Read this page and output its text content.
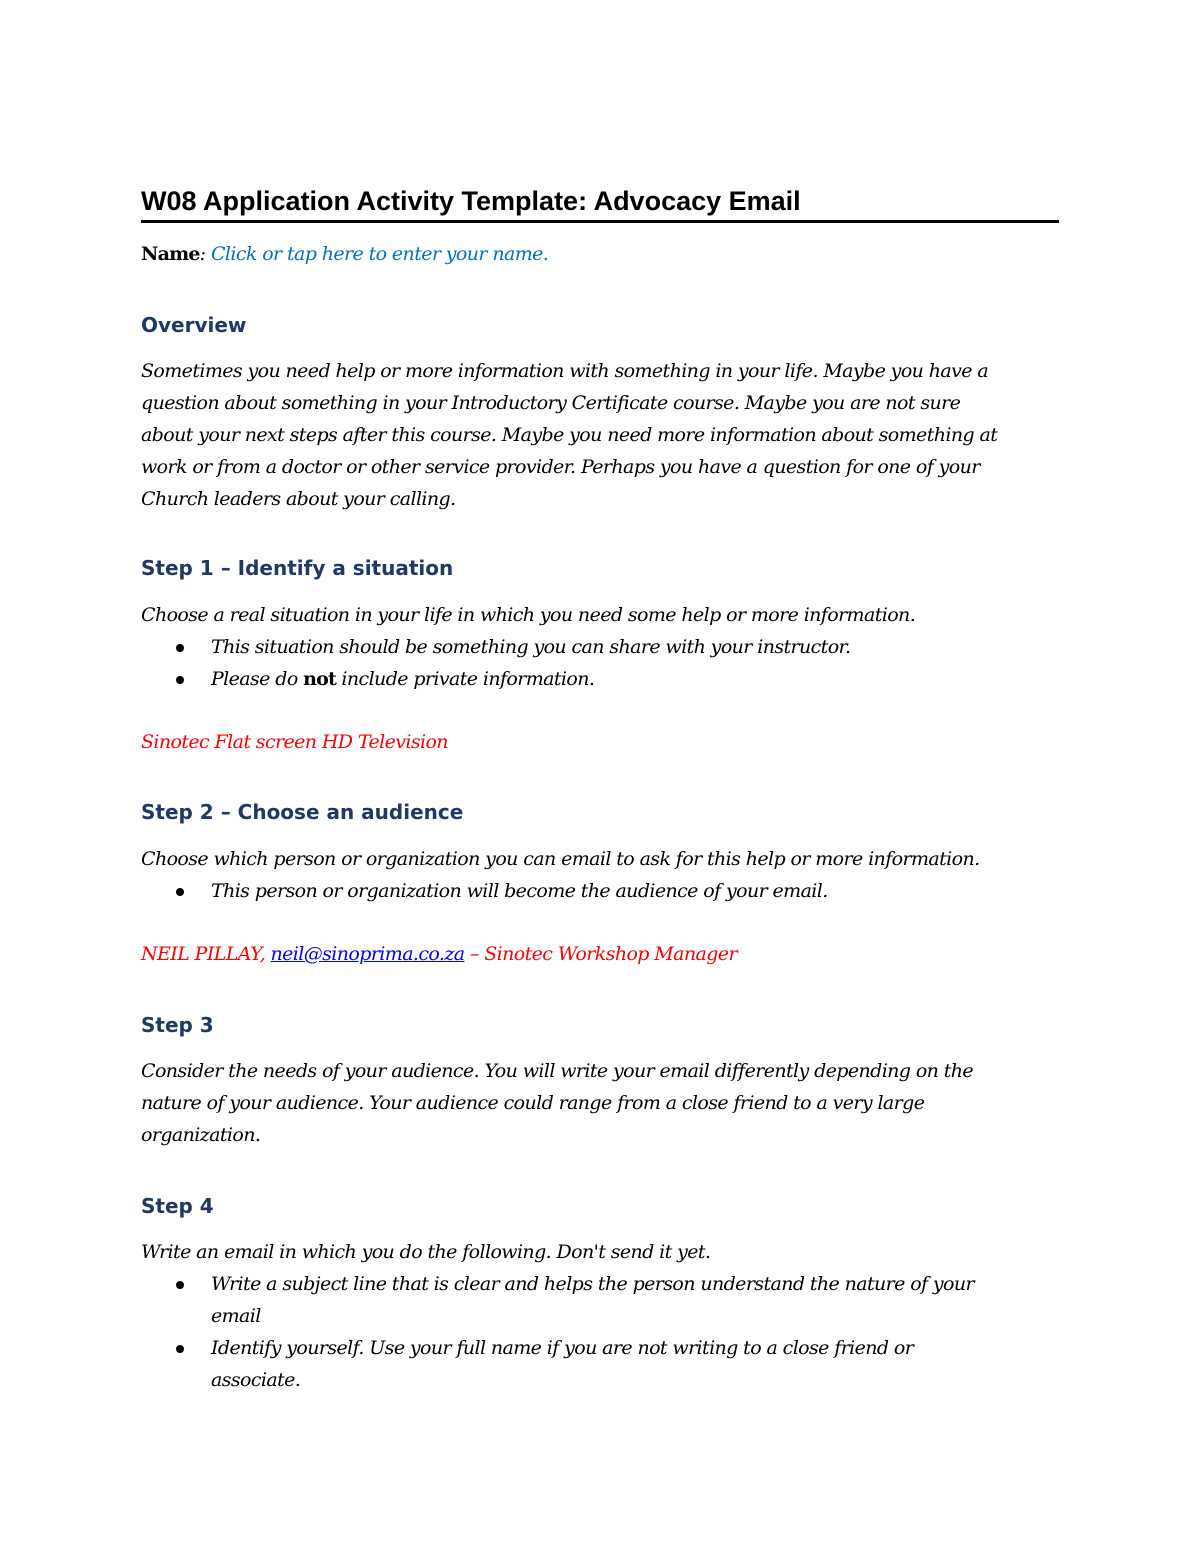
W08 Application Activity Template: Advocacy Email
Name: Click or tap here to enter your name.
Overview
Sometimes you need help or more information with something in your life. Maybe you have a
question about something in your Introductory Certificate course. Maybe you are not sure
about your next steps after this course. Maybe you need more information about something at
work or from a doctor or other service provider. Perhaps you have a question for one of your
Church leaders about your calling.
Step 1 – Identify a situation
Choose a real situation in your life in which you need some help or more information.
This situation should be something you can share with your instructor.
Please do not include private information.
Sinotec Flat screen HD Television
Step 2 – Choose an audience
Choose which person or organization you can email to ask for this help or more information.
This person or organization will become the audience of your email.
NEIL PILLAY, neil@sinoprima.co.za – Sinotec Workshop Manager
Step 3
Consider the needs of your audience. You will write your email differently depending on the
nature of your audience. Your audience could range from a close friend to a very large
organization.
Step 4
Write an email in which you do the following. Don't send it yet.
Write a subject line that is clear and helps the person understand the nature of your
email
Identify yourself. Use your full name if you are not writing to a close friend or
associate.
